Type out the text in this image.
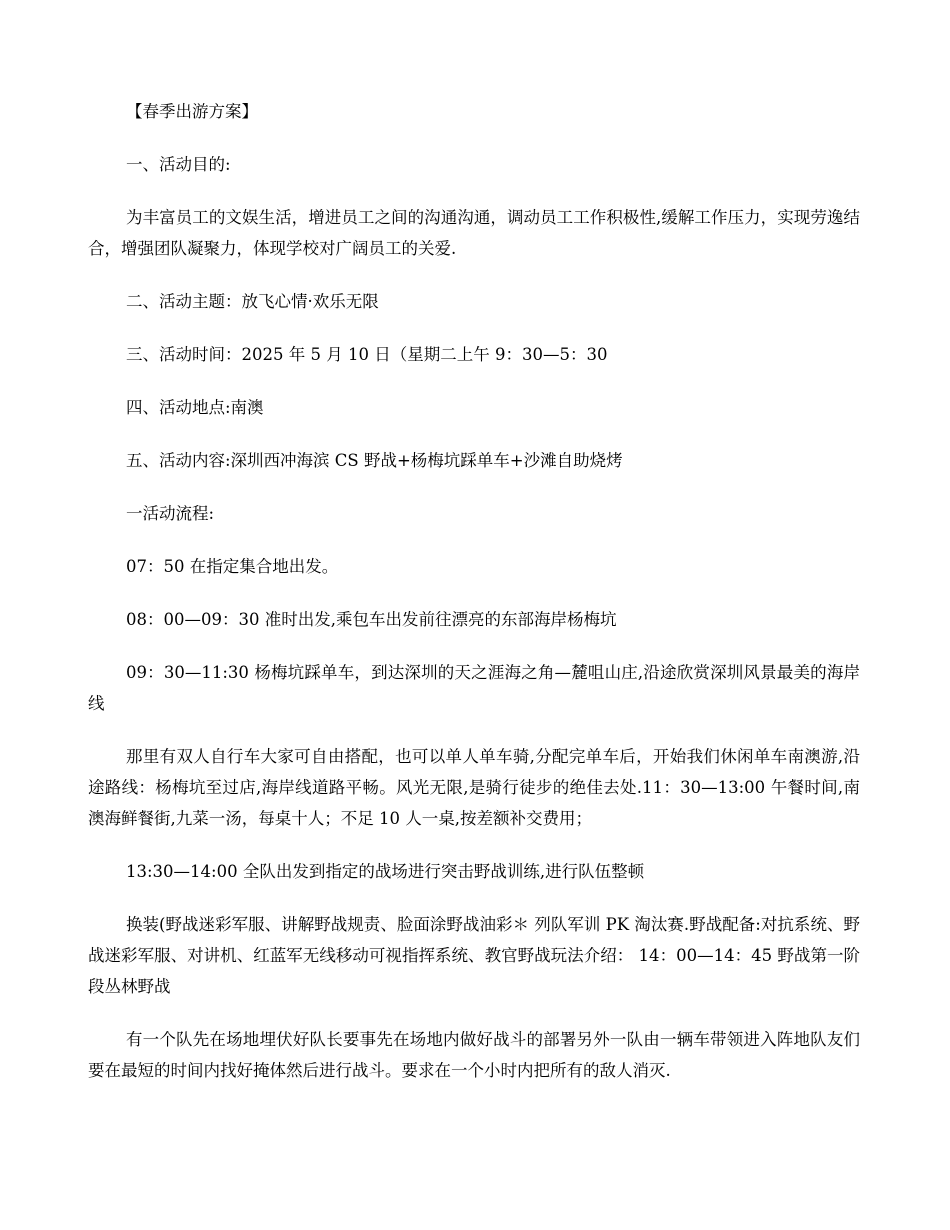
【春季出游方案】

一、活动目的:

为丰富员工的文娱生活，增进员工之间的沟通沟通，调动员工工作积极性,缓解工作压力，实现劳逸结合，增强团队凝聚力，体现学校对广阔员工的关爱.

二、活动主题：放飞心情·欢乐无限

三、活动时间：2025 年 5 月 10 日（星期二上午 9：30—5：30

四、活动地点:南澳

五、活动内容:深圳西冲海滨 CS 野战+杨梅坑踩单车+沙滩自助烧烤

一活动流程:

07：50 在指定集合地出发。

08：00—09：30 准时出发,乘包车出发前往漂亮的东部海岸杨梅坑

09：30—11:30 杨梅坑踩单车，到达深圳的天之涯海之角—麓咀山庄,沿途欣赏深圳风景最美的海岸线

那里有双人自行车大家可自由搭配，也可以单人单车骑,分配完单车后，开始我们休闲单车南澳游,沿途路线：杨梅坑至过店,海岸线道路平畅。风光无限,是骑行徒步的绝佳去处.11：30—13:00 午餐时间,南澳海鲜餐街,九菜一汤，每桌十人；不足 10 人一桌,按差额补交费用；

13:30—14:00 全队出发到指定的战场进行突击野战训练,进行队伍整顿

换装(野战迷彩军服、讲解野战规责、脸面涂野战油彩＊ 列队军训 PK 淘汰赛.野战配备:对抗系统、野战迷彩军服、对讲机、红蓝军无线移动可视指挥系统、教官野战玩法介绍： 14：00—14：45 野战第一阶段丛林野战

有一个队先在场地埋伏好队长要事先在场地内做好战斗的部署另外一队由一辆车带领进入阵地队友们要在最短的时间内找好掩体然后进行战斗。要求在一个小时内把所有的敌人消灭.
